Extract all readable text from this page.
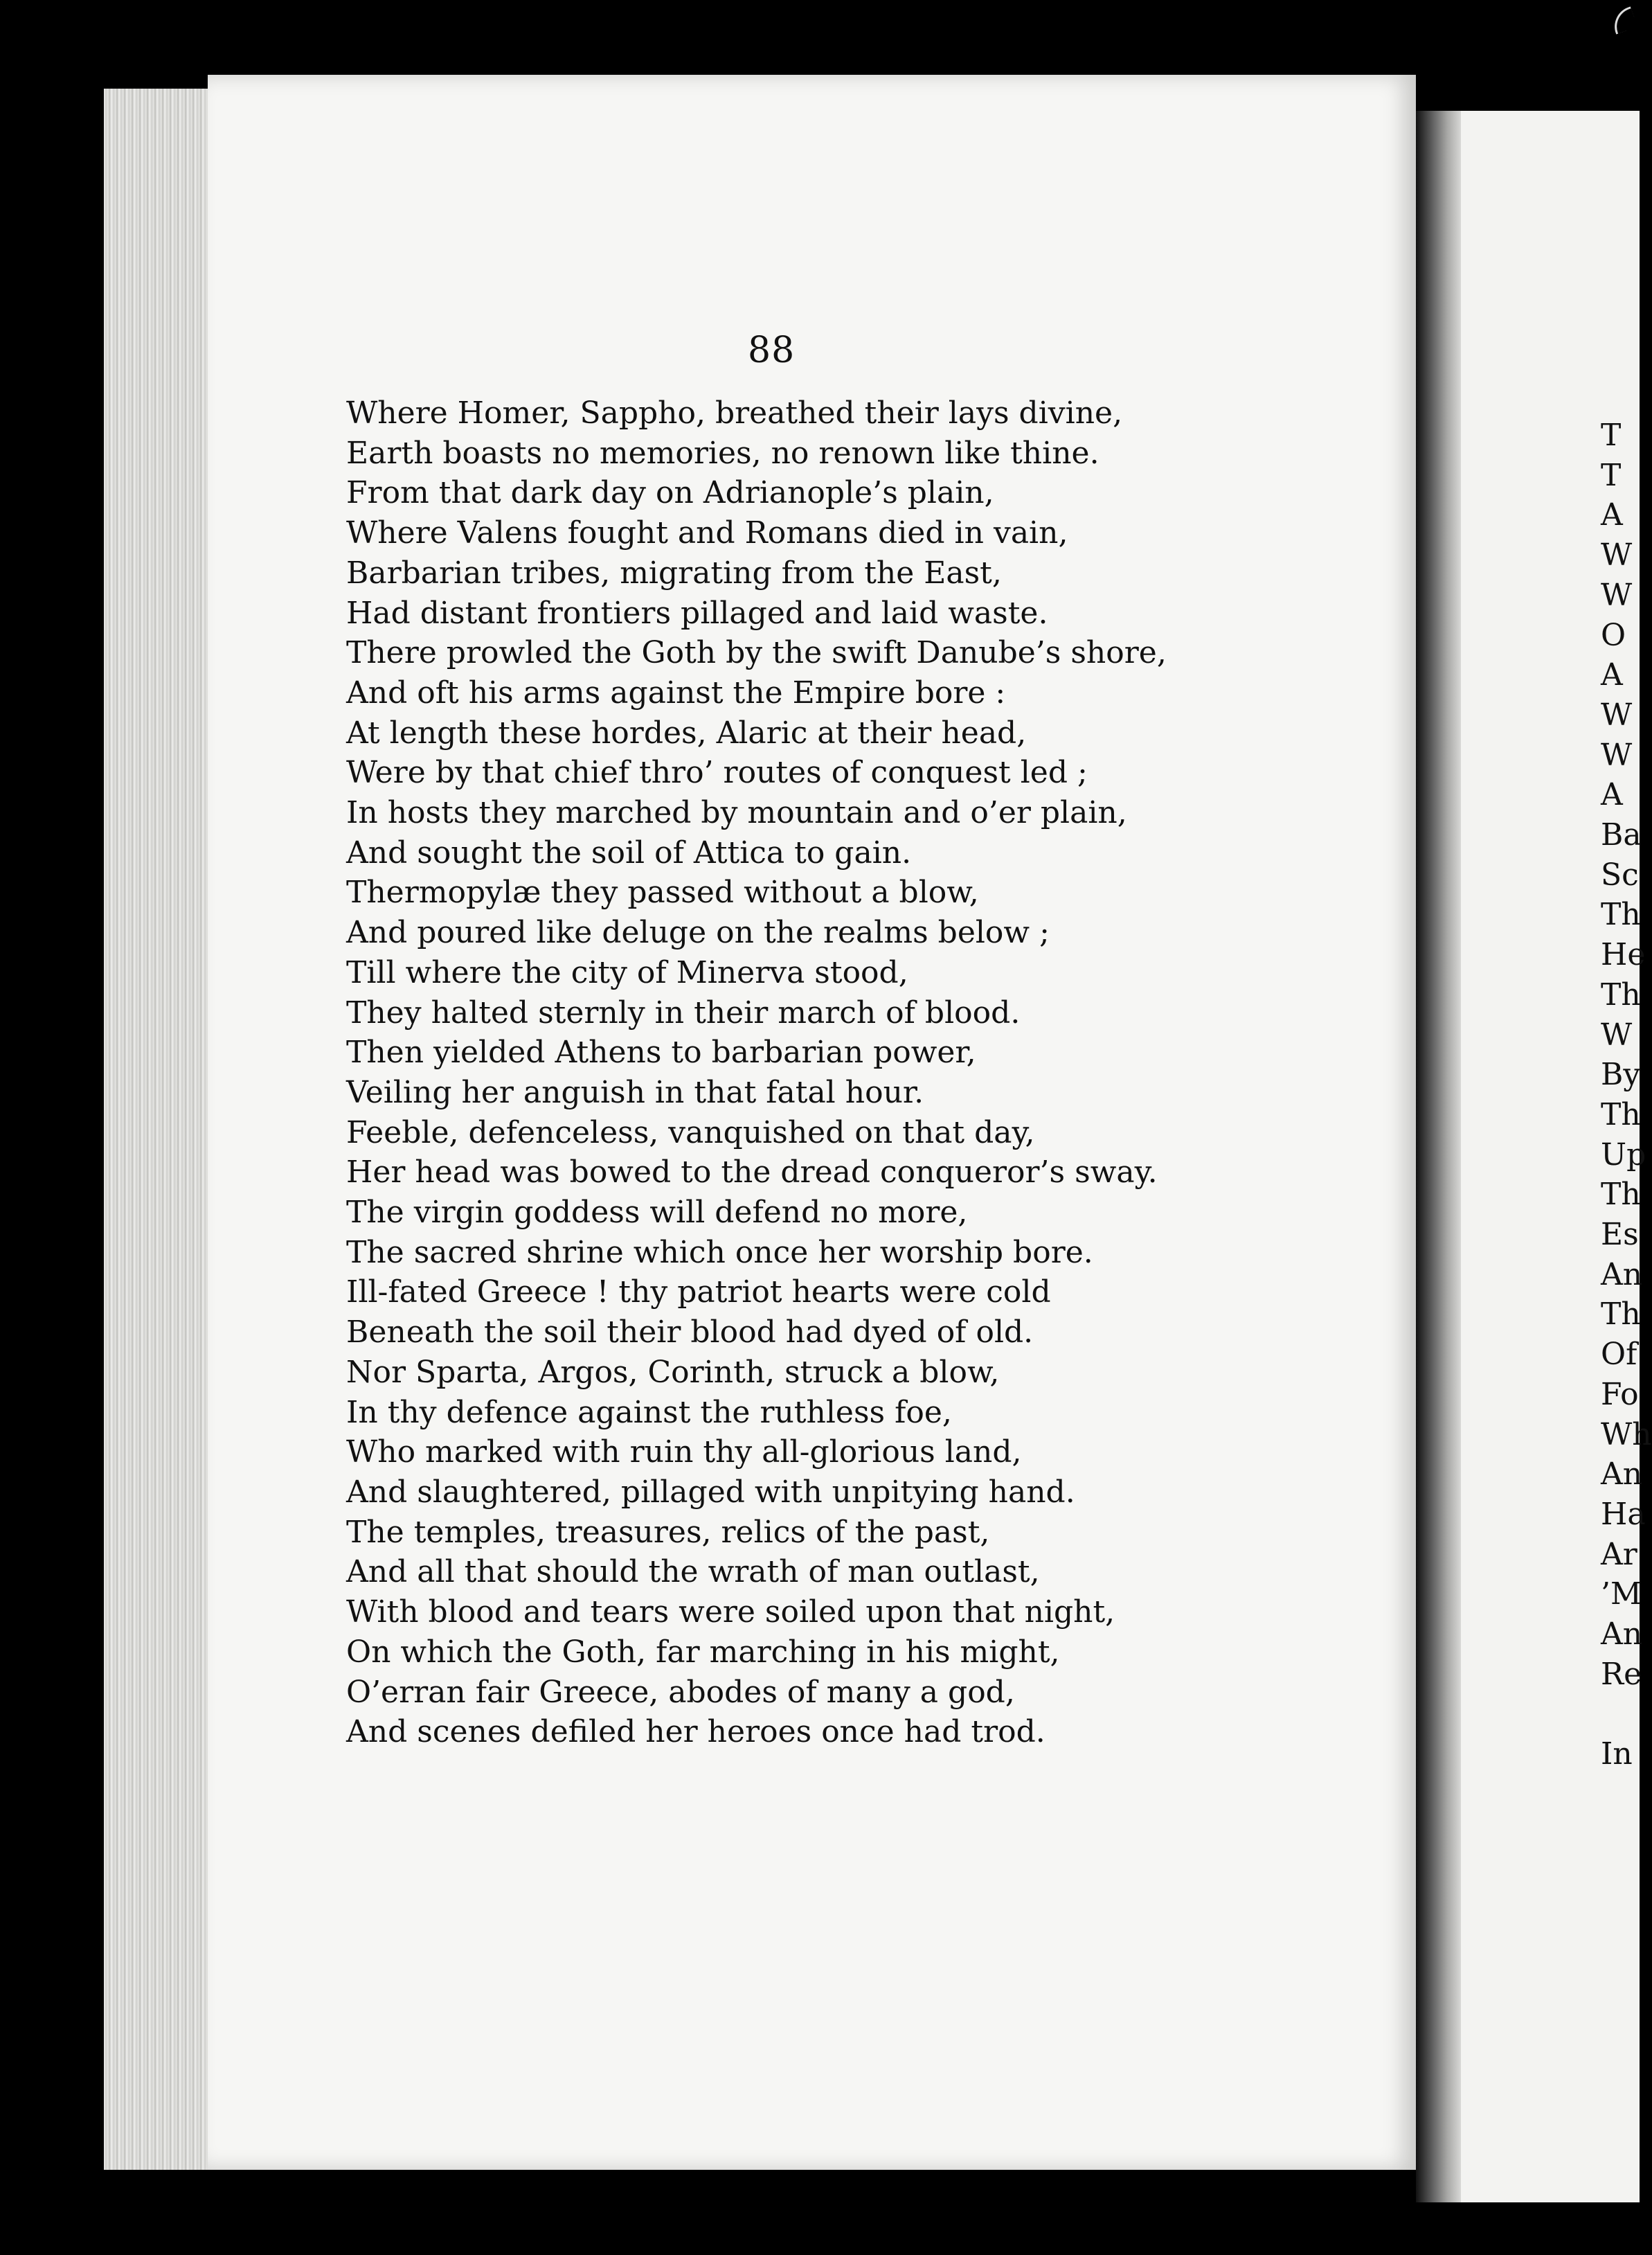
88
Where Homer, Sappho, breathed their lays divine,
Earth boasts no memories, no renown like thine.
From that dark day on Adrianople’s plain,
Where Valens fought and Romans died in vain,
Barbarian tribes, migrating from the East,
Had distant frontiers pillaged and laid waste.
There prowled the Goth by the swift Danube’s shore,
And oft his arms against the Empire bore :
At length these hordes, Alaric at their head,
Were by that chief thro’ routes of conquest led ;
In hosts they marched by mountain and o’er plain,
And sought the soil of Attica to gain.
Thermopylæ they passed without a blow,
And poured like deluge on the realms below ;
Till where the city of Minerva stood,
They halted sternly in their march of blood.
Then yielded Athens to barbarian power,
Veiling her anguish in that fatal hour.
Feeble, defenceless, vanquished on that day,
Her head was bowed to the dread conqueror’s sway.
The virgin goddess will defend no more,
The sacred shrine which once her worship bore.
Ill-fated Greece ! thy patriot hearts were cold
Beneath the soil their blood had dyed of old.
Nor Sparta, Argos, Corinth, struck a blow,
In thy defence against the ruthless foe,
Who marked with ruin thy all-glorious land,
And slaughtered, pillaged with unpitying hand.
The temples, treasures, relics of the past,
And all that should the wrath of man outlast,
With blood and tears were soiled upon that night,
On which the Goth, far marching in his might,
O’erran fair Greece, abodes of many a god,
And scenes defiled her heroes once had trod.
T
T
A
W
W
O
A
W
W
A
Ba
Sc
Th
He
Th
W
By
Th
Up
Th
Es
An
Th
Of
Fo
Wh
An
Ha
Ar
’M
An
Re

In
